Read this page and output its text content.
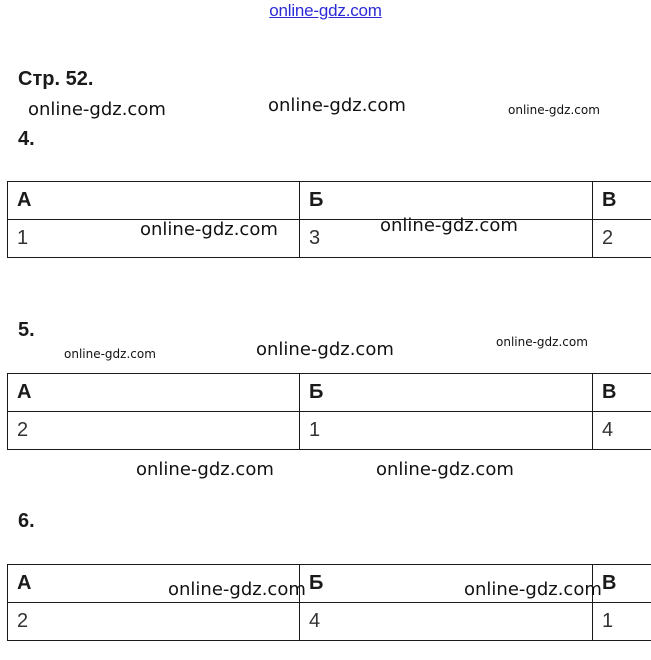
online-gdz.com
Стр. 52.
4.
А	Б	В
1	3	2
5.
А	Б	В
2	1	4
6.
А	Б	В
2	4	1
online-gdz.com	online-gdz.com	online-gdz.com
online-gdz.com	online-gdz.com
online-gdz.com	online-gdz.com	online-gdz.com
online-gdz.com	online-gdz.com
online-gdz.com	online-gdz.com
